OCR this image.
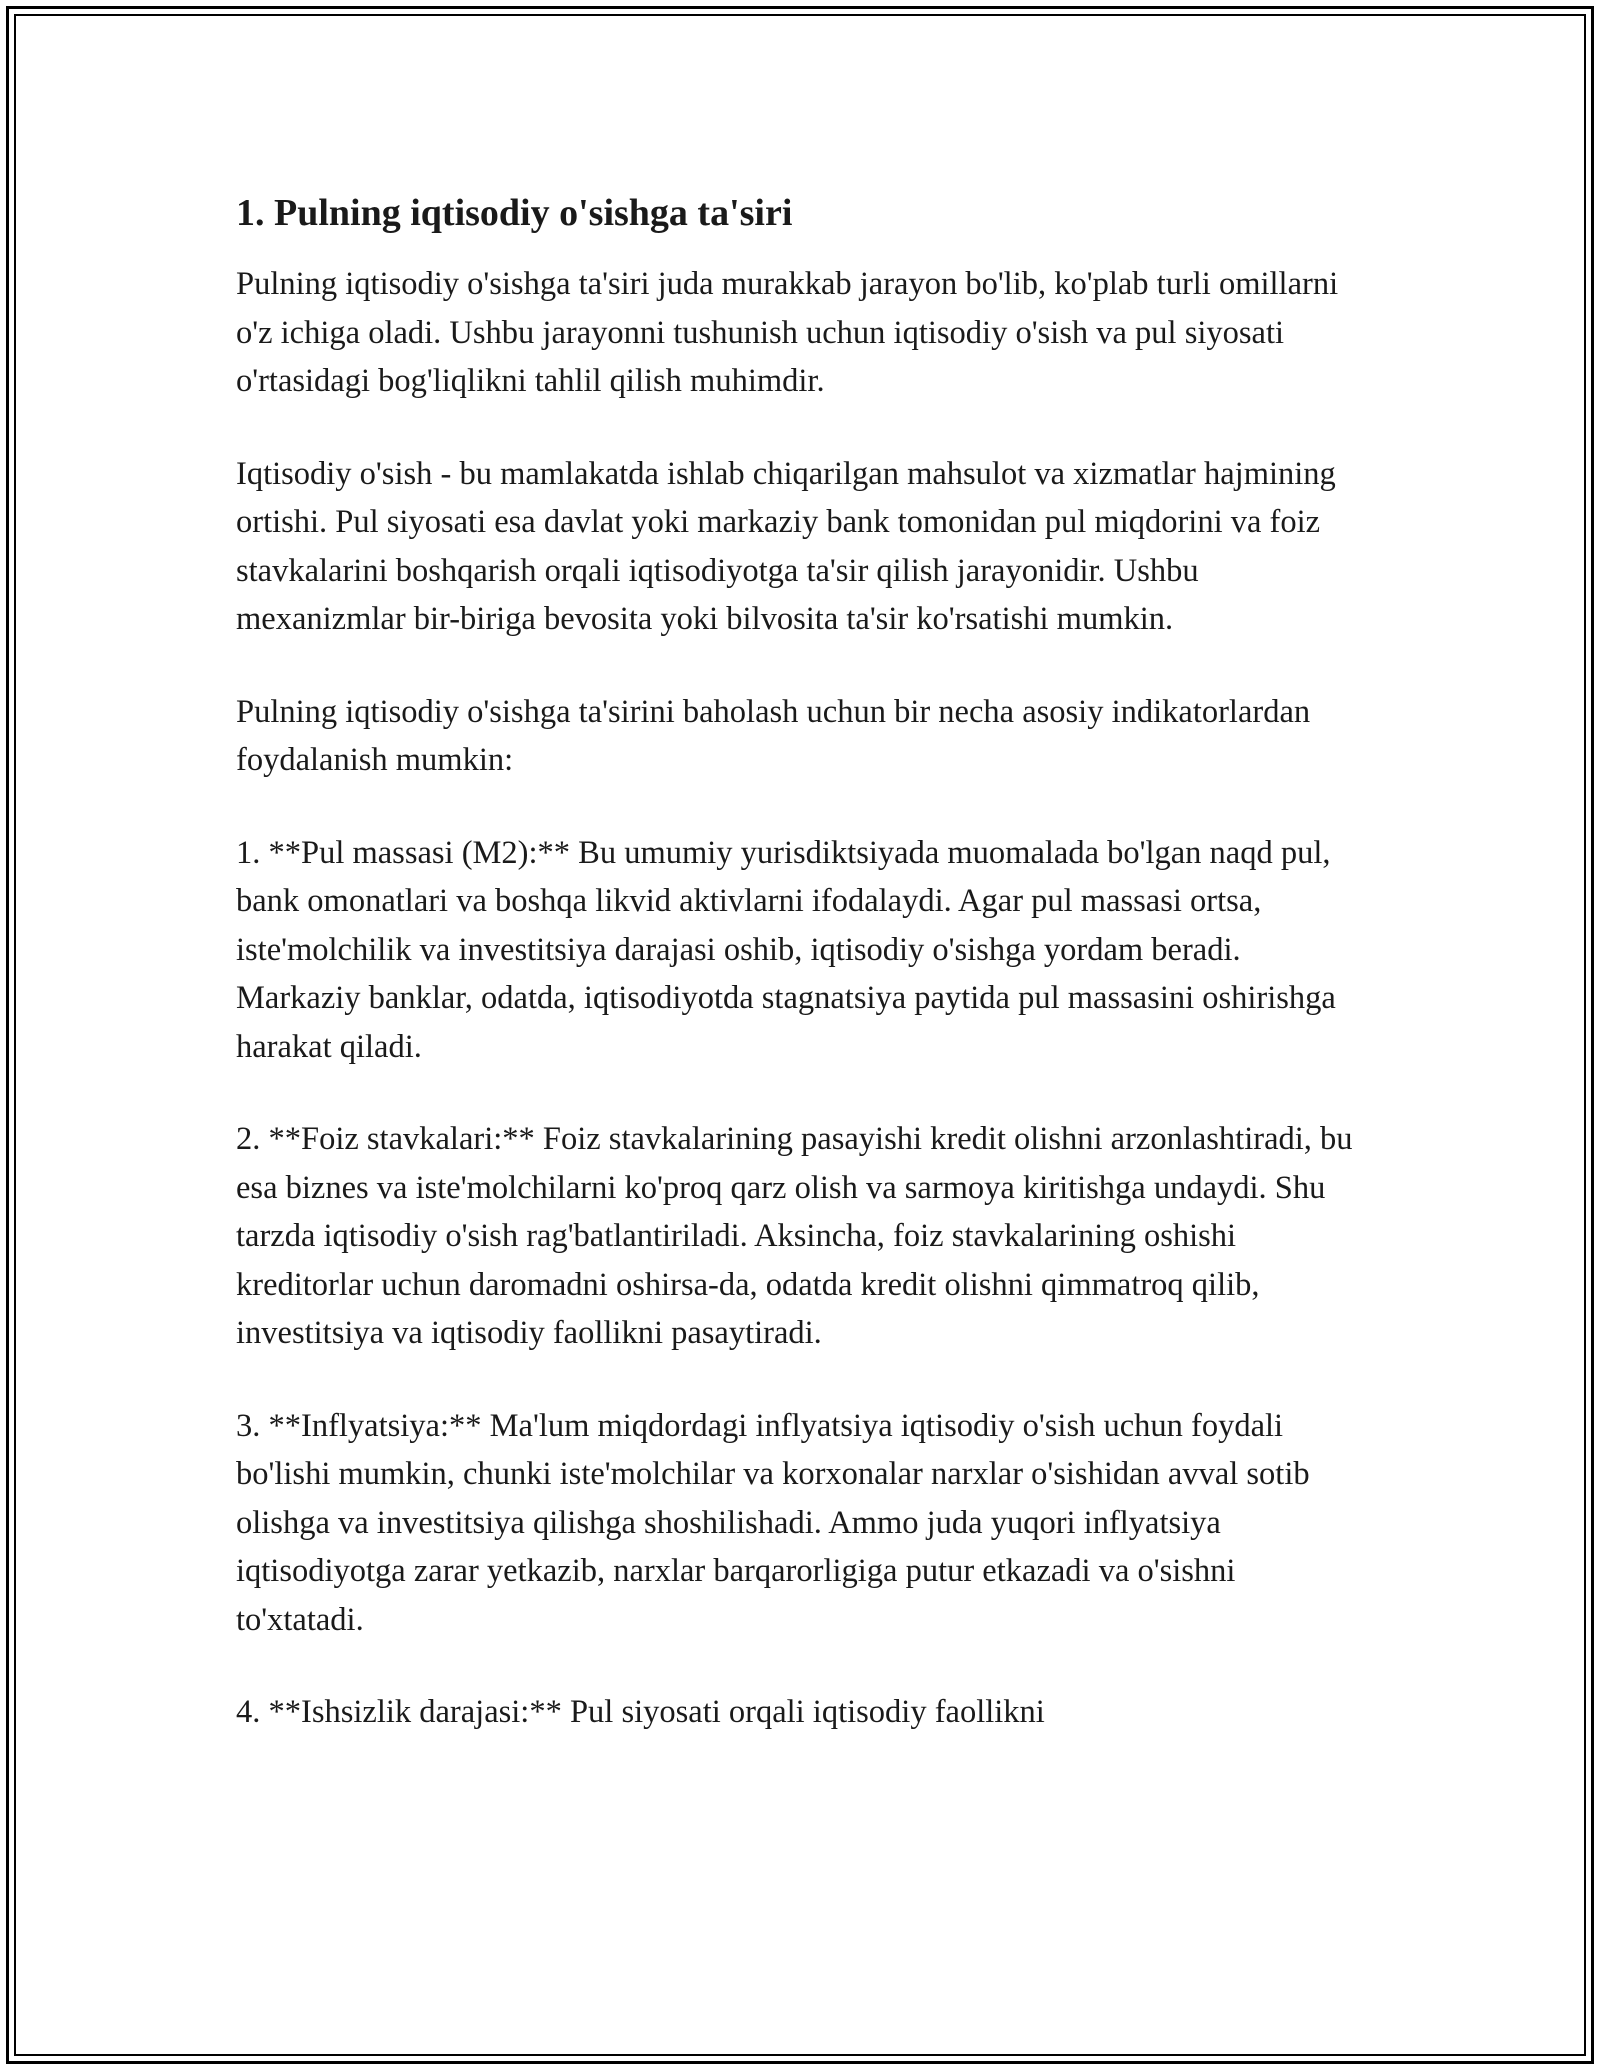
1. Pulning iqtisodiy o'sishga ta'siri

Pulning iqtisodiy o'sishga ta'siri juda murakkab jarayon bo'lib, ko'plab turli omillarni o'z ichiga oladi. Ushbu jarayonni tushunish uchun iqtisodiy o'sish va pul siyosati o'rtasidagi bog'liqlikni tahlil qilish muhimdir.

Iqtisodiy o'sish - bu mamlakatda ishlab chiqarilgan mahsulot va xizmatlar hajmining ortishi. Pul siyosati esa davlat yoki markaziy bank tomonidan pul miqdorini va foiz stavkalarini boshqarish orqali iqtisodiyotga ta'sir qilish jarayonidir. Ushbu mexanizmlar bir-biriga bevosita yoki bilvosita ta'sir ko'rsatishi mumkin.

Pulning iqtisodiy o'sishga ta'sirini baholash uchun bir necha asosiy indikatorlardan foydalanish mumkin:

1. **Pul massasi (M2):** Bu umumiy yurisdiktsiyada muomalada bo'lgan naqd pul, bank omonatlari va boshqa likvid aktivlarni ifodalaydi. Agar pul massasi ortsa, iste'molchilik va investitsiya darajasi oshib, iqtisodiy o'sishga yordam beradi. Markaziy banklar, odatda, iqtisodiyotda stagnatsiya paytida pul massasini oshirishga harakat qiladi.

2. **Foiz stavkalari:** Foiz stavkalarining pasayishi kredit olishni arzonlashtiradi, bu esa biznes va iste'molchilarni ko'proq qarz olish va sarmoya kiritishga undaydi. Shu tarzda iqtisodiy o'sish rag'batlantiriladi. Aksincha, foiz stavkalarining oshishi kreditorlar uchun daromadni oshirsa-da, odatda kredit olishni qimmatroq qilib, investitsiya va iqtisodiy faollikni pasaytiradi.

3. **Inflyatsiya:** Ma'lum miqdordagi inflyatsiya iqtisodiy o'sish uchun foydali bo'lishi mumkin, chunki iste'molchilar va korxonalar narxlar o'sishidan avval sotib olishga va investitsiya qilishga shoshilishadi. Ammo juda yuqori inflyatsiya iqtisodiyotga zarar yetkazib, narxlar barqarorligiga putur etkazadi va o'sishni to'xtatadi.

4. **Ishsizlik darajasi:** Pul siyosati orqali iqtisodiy faollikni
